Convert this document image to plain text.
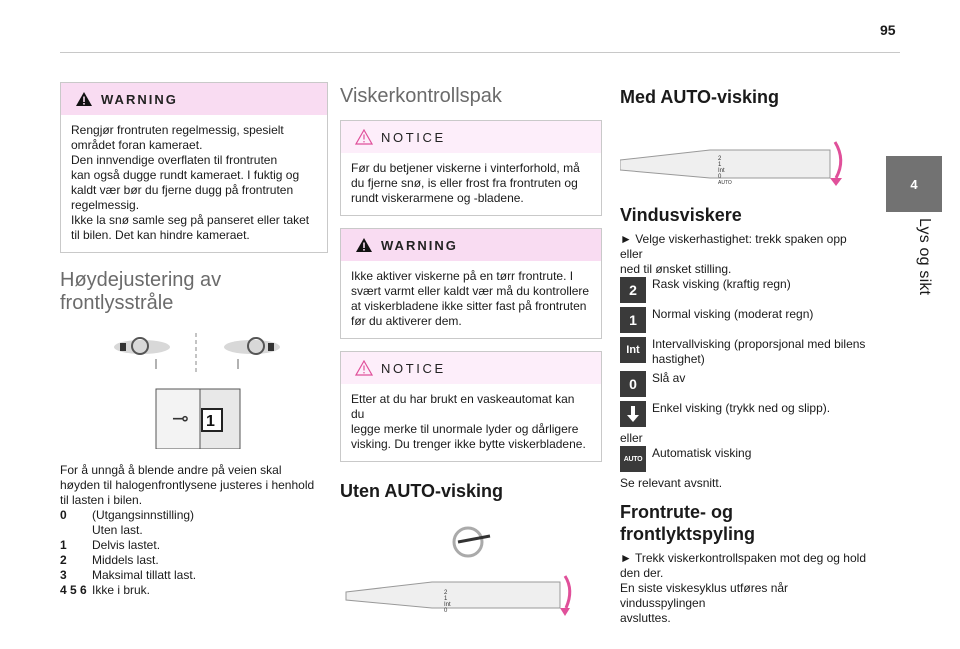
95
4
Lys og sikt
WARNING
Rengjør frontruten regelmessig, spesielt
området foran kameraet.
Den innvendige overflaten til frontruten
kan også dugge rundt kameraet. I fuktig og
kaldt vær bør du fjerne dugg på frontruten
regelmessig.
Ikke la snø samle seg på panseret eller taket
til bilen. Det kan hindre kameraet.
Høydejustering av
frontlysstråle
⊸ 1
For å unngå å blende andre på veien skal
høyden til halogenfrontlysene justeres i henhold
til lasten i bilen.
0	(Utgangsinnstilling)
Uten last.
1	Delvis lastet.
2	Middels last.
3	Maksimal tillatt last.
4 5 6 Ikke i bruk.
Viskerkontrollspak
NOTICE
Før du betjener viskerne i vinterforhold, må
du fjerne snø, is eller frost fra frontruten og
rundt viskerarmene og -bladene.
WARNING
Ikke aktiver viskerne på en tørr frontrute. I
svært varmt eller kaldt vær må du kontrollere
at viskerbladene ikke sitter fast på frontruten
før du aktiverer dem.
NOTICE
Etter at du har brukt en vaskeautomat kan du
legge merke til unormale lyder og dårligere
visking. Du trenger ikke bytte viskerbladene.
Uten AUTO-visking
2
1
Int
0
Med AUTO-visking
2
1
Int
0
AUTO
Vindusviskere
► Velge viskerhastighet: trekk spaken opp eller
ned til ønsket stilling.
2	Rask visking (kraftig regn)
1	Normal visking (moderat regn)
Int	Intervallvisking (proporsjonal med bilens
hastighet)
0	Slå av
Enkel visking (trykk ned og slipp).
eller
AUTO Automatisk visking
Se relevant avsnitt.
Frontrute- og
frontlyktspyling
► Trekk viskerkontrollspaken mot deg og hold
den der.
En siste viskesyklus utføres når vindusspylingen
avsluttes.
